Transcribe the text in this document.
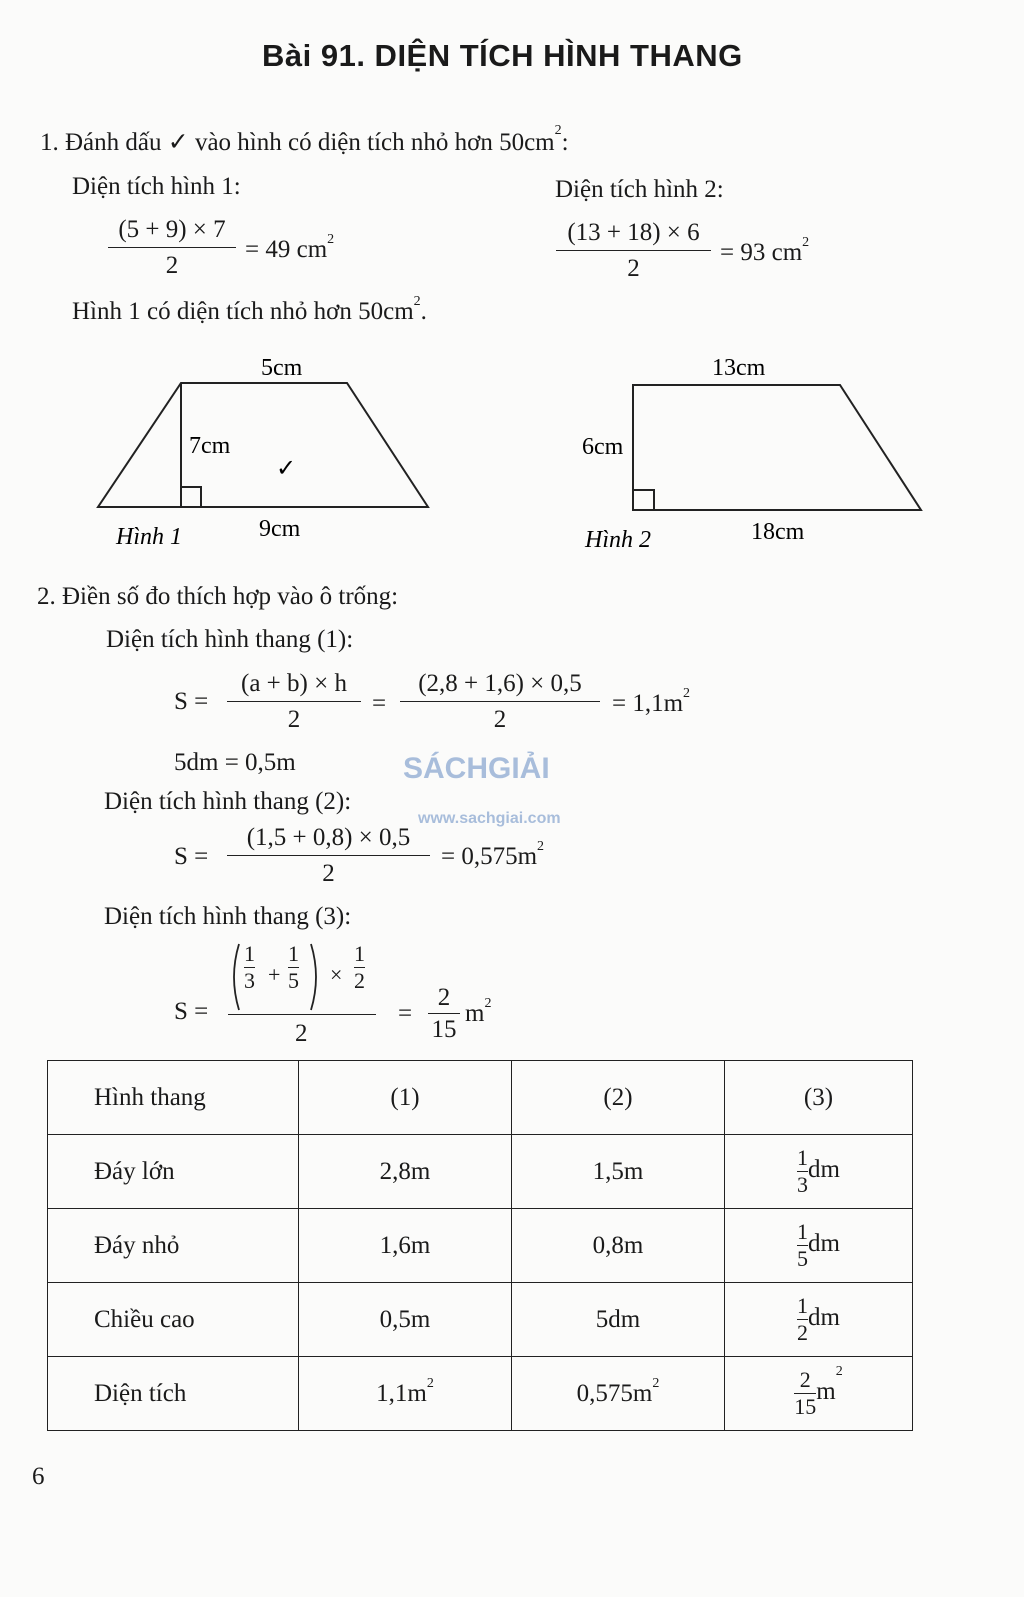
Bài 91. DIỆN TÍCH HÌNH THANG
1. Đánh dấu ✓ vào hình có diện tích nhỏ hơn $50cm^2$:
Diện tích hình 1:	Diện tích hình 2:
(5 + 9) × 7
2
= 49 $cm^2$	(13 + 18) × 6
2
= 93 $cm^2$
Hình 1 có diện tích nhỏ hơn $50cm^2$.
5cm
7cm
✓
9cm
Hình 1
13cm
6cm
18cm
Hình 2
2. Điền số đo thích hợp vào ô trống:
Diện tích hình thang (1):
S =
(a + b) × h
2
=
(2,8 + 1,6) × 0,5
2
= $1,1m^2$
5dm = 0,5m	SÁCHGIẢI
www.sachgiai.com
Diện tích hình thang (2):
S =
(1,5 + 0,8) × 0,5
2
= $0,575m^2$
Diện tích hình thang (3):
S =
1
3 +
1
5 ×
1
2
2
=
2
15
$m^2$
Hình thang	(1)	(2)	(3)
Đáy lớn	2,8m	1,5m	$\frac{1}{3}$ dm
Đáy nhỏ	1,6m	0,8m	$\frac{1}{5}$ dm
Chiều cao	0,5m	5dm	$\frac{1}{2}$ dm
Diện tích	$1,1m^2$	$0,575m^2$	$\frac{2}{15} m^2$
6
